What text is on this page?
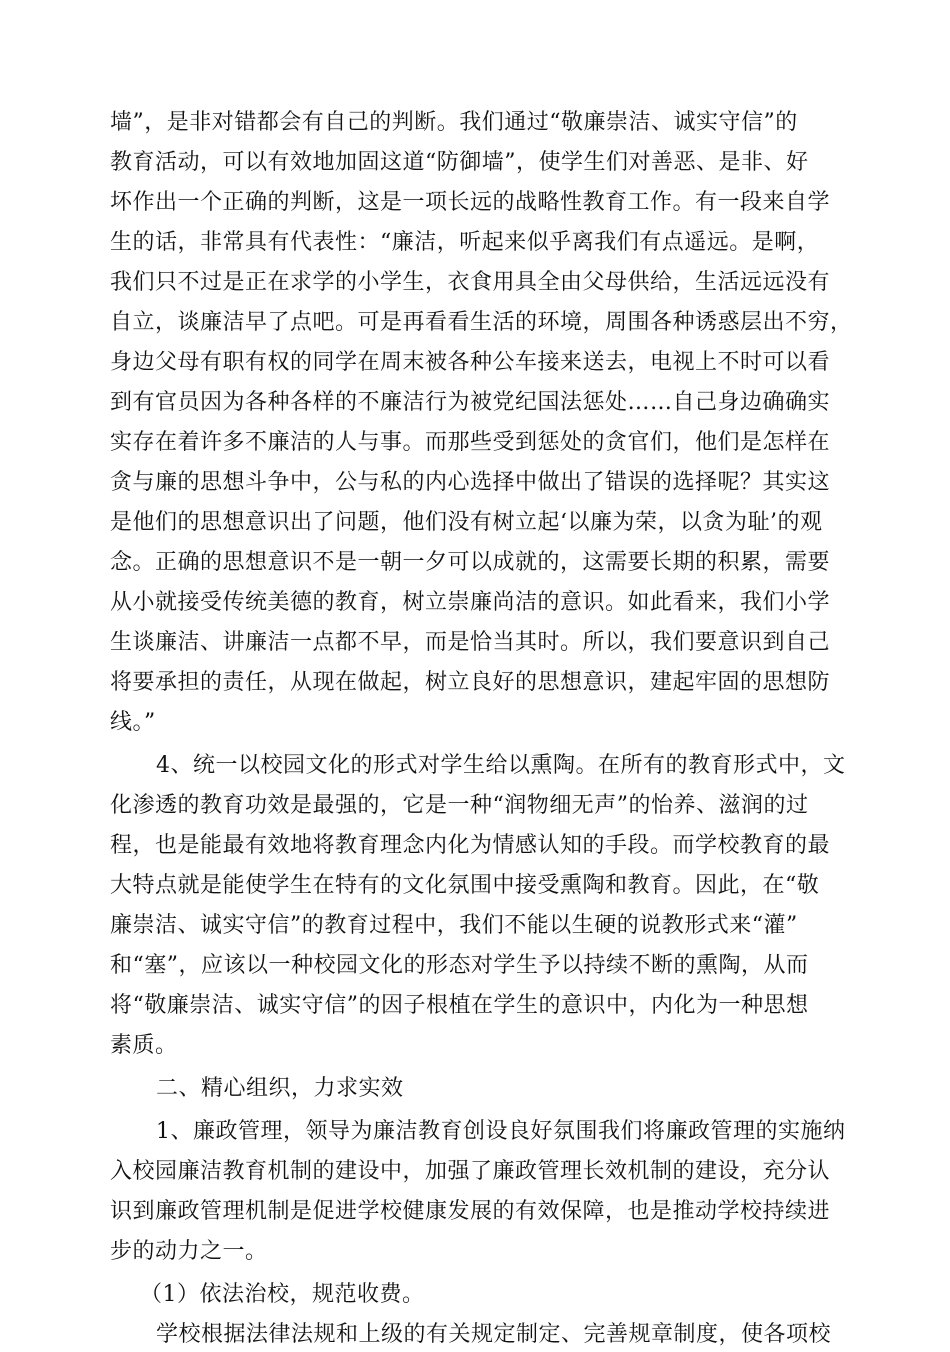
墙”，是非对错都会有自己的判断。我们通过“敬廉崇洁、诚实守信”的
教育活动，可以有效地加固这道“防御墙”，使学生们对善恶、是非、好
坏作出一个正确的判断，这是一项长远的战略性教育工作。有一段来自学
生的话，非常具有代表性：“廉洁，听起来似乎离我们有点遥远。是啊，
我们只不过是正在求学的小学生，衣食用具全由父母供给，生活远远没有
自立，谈廉洁早了点吧。可是再看看生活的环境，周围各种诱惑层出不穷，
身边父母有职有权的同学在周末被各种公车接来送去，电视上不时可以看
到有官员因为各种各样的不廉洁行为被党纪国法惩处……自己身边确确实
实存在着许多不廉洁的人与事。而那些受到惩处的贪官们，他们是怎样在
贪与廉的思想斗争中，公与私的内心选择中做出了错误的选择呢？其实这
是他们的思想意识出了问题，他们没有树立起‘以廉为荣，以贪为耻’的观
念。正确的思想意识不是一朝一夕可以成就的，这需要长期的积累，需要
从小就接受传统美德的教育，树立崇廉尚洁的意识。如此看来，我们小学
生谈廉洁、讲廉洁一点都不早，而是恰当其时。所以，我们要意识到自己
将要承担的责任，从现在做起，树立良好的思想意识，建起牢固的思想防
线。”
4、统一以校园文化的形式对学生给以熏陶。在所有的教育形式中，文
化渗透的教育功效是最强的，它是一种“润物细无声”的怡养、滋润的过
程，也是能最有效地将教育理念内化为情感认知的手段。而学校教育的最
大特点就是能使学生在特有的文化氛围中接受熏陶和教育。因此，在“敬
廉崇洁、诚实守信”的教育过程中，我们不能以生硬的说教形式来“灌”
和“塞”，应该以一种校园文化的形态对学生予以持续不断的熏陶，从而
将“敬廉崇洁、诚实守信”的因子根植在学生的意识中，内化为一种思想
素质。
二、精心组织，力求实效
1、廉政管理，领导为廉洁教育创设良好氛围我们将廉政管理的实施纳
入校园廉洁教育机制的建设中，加强了廉政管理长效机制的建设，充分认
识到廉政管理机制是促进学校健康发展的有效保障，也是推动学校持续进
步的动力之一。
（1）依法治校，规范收费。
学校根据法律法规和上级的有关规定制定、完善规章制度，使各项校
